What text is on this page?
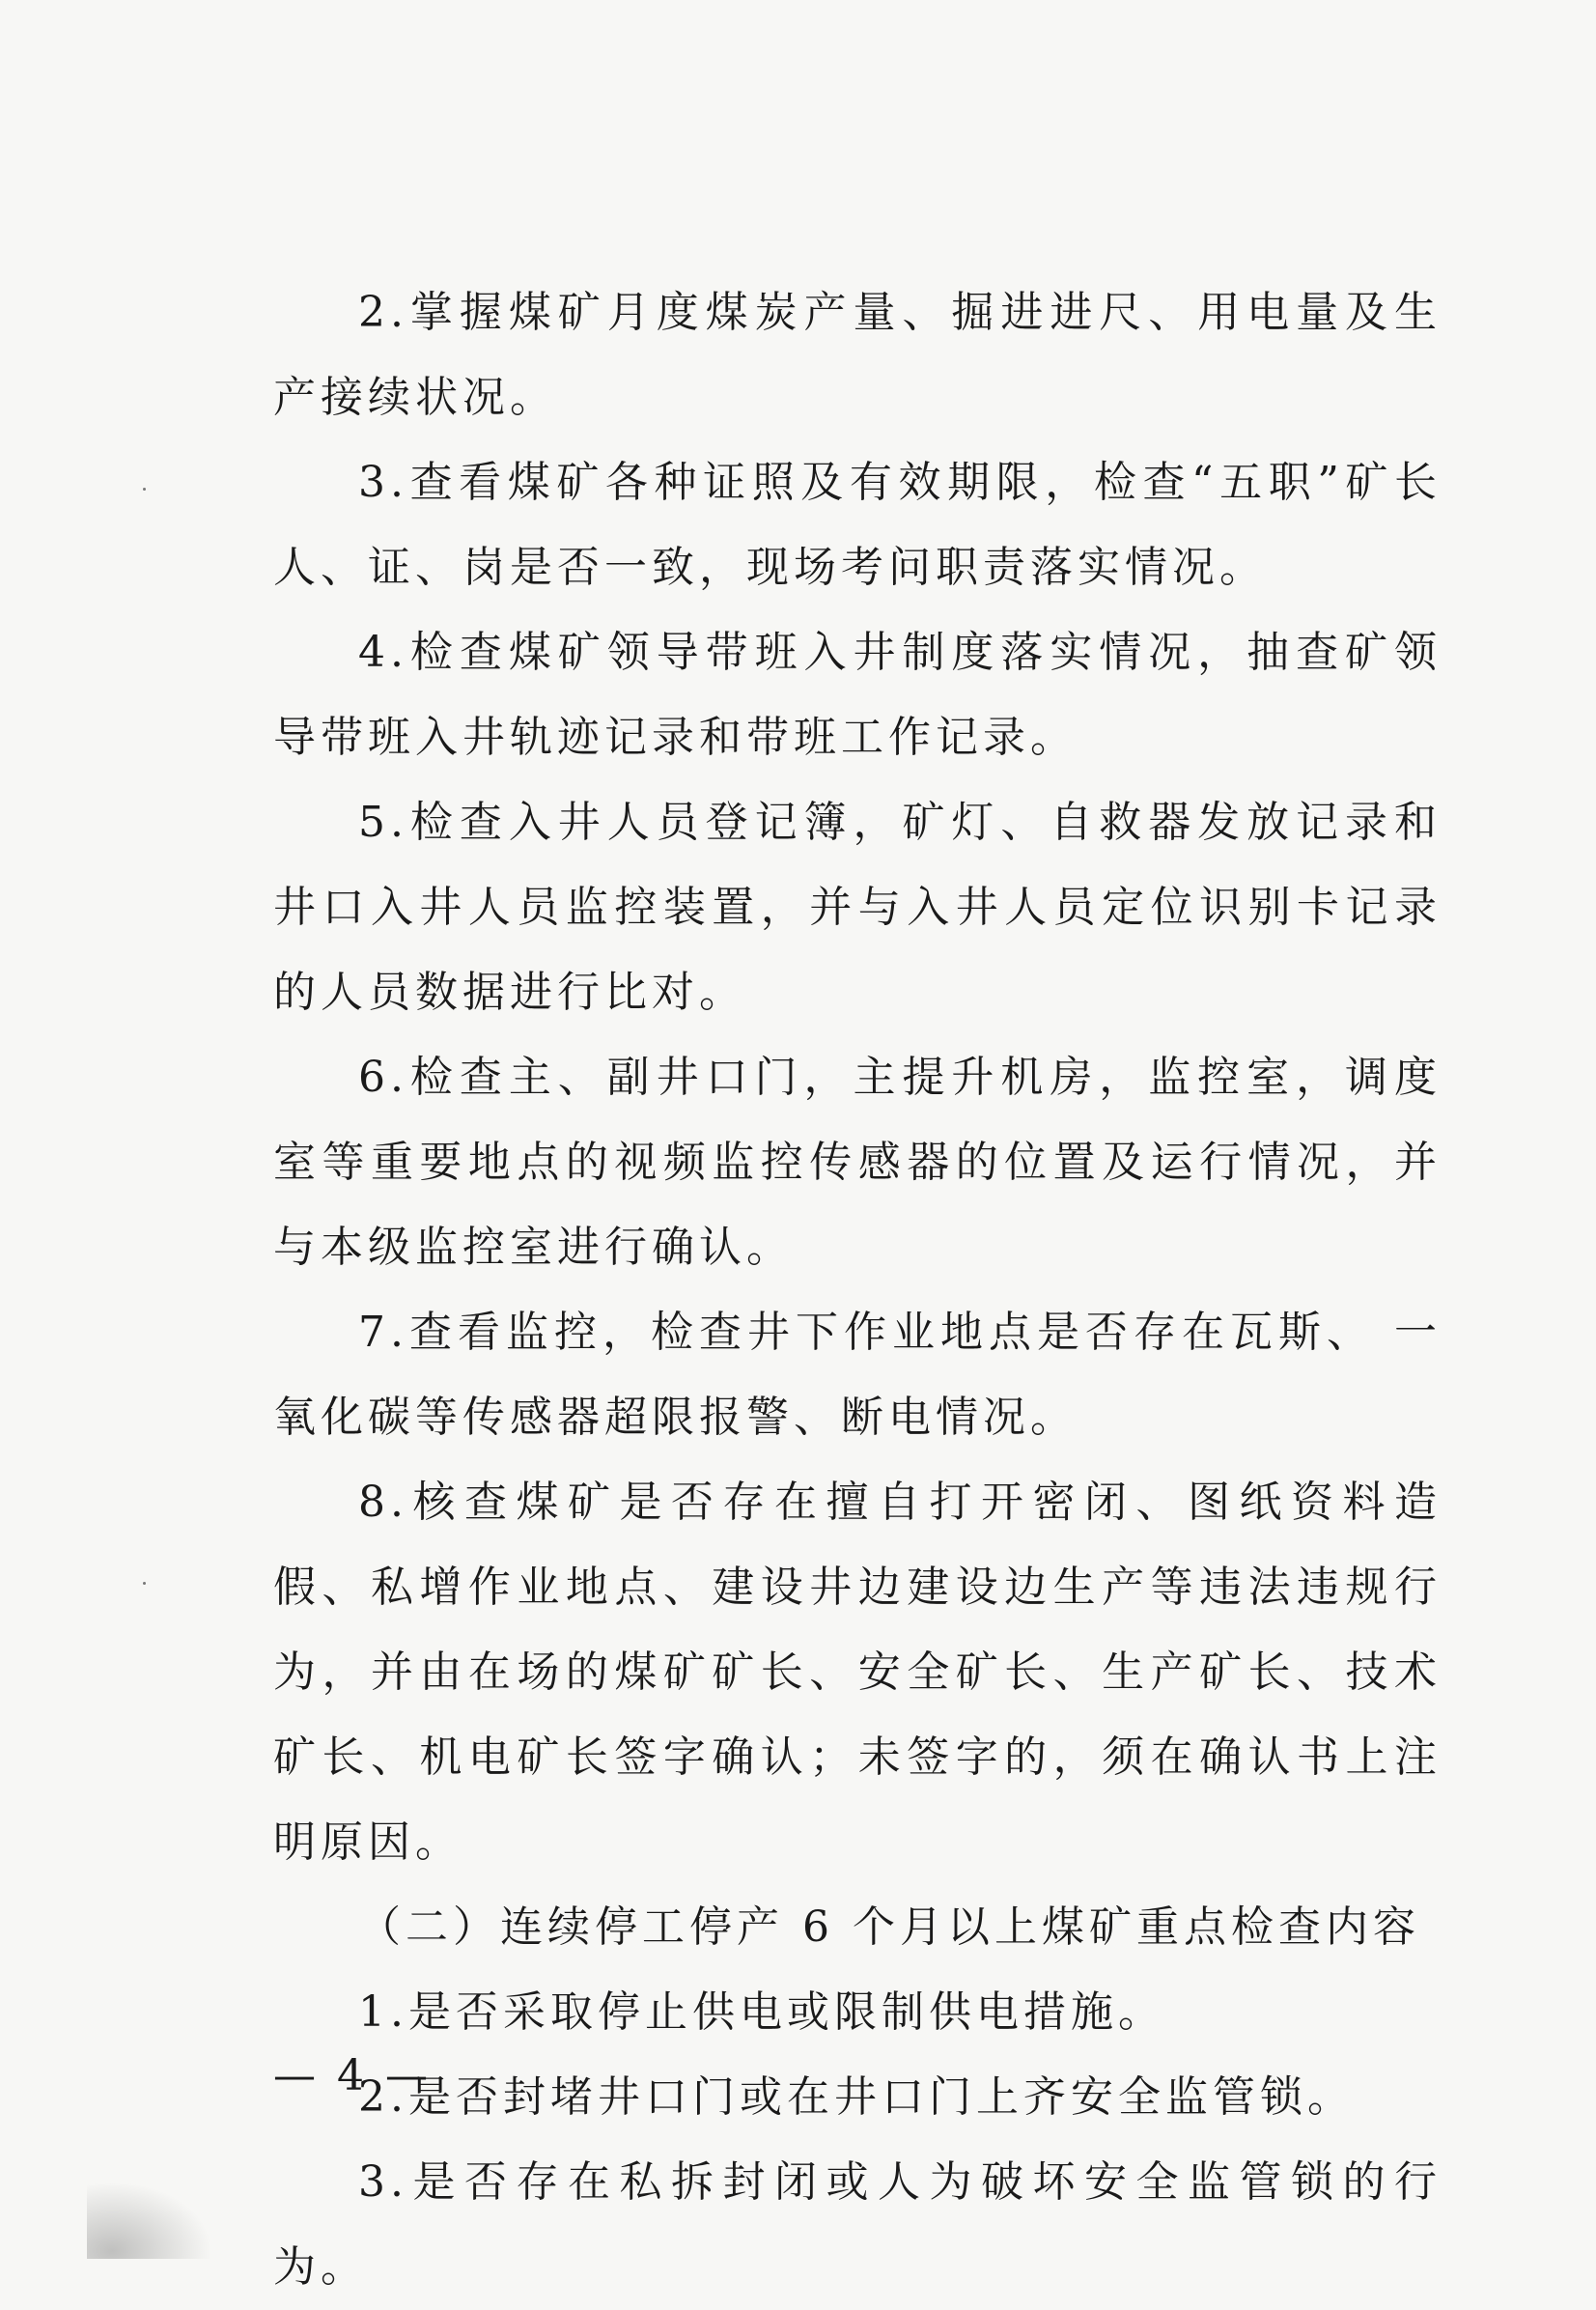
2.掌握煤矿月度煤炭产量、掘进进尺、用电量及生产接续状况。

3.查看煤矿各种证照及有效期限，检查“五职”矿长人、证、岗是否一致，现场考问职责落实情况。

4.检查煤矿领导带班入井制度落实情况，抽查矿领导带班入井轨迹记录和带班工作记录。

5.检查入井人员登记簿，矿灯、自救器发放记录和井口入井人员监控装置，并与入井人员定位识别卡记录的人员数据进行比对。

6.检查主、副井口门，主提升机房，监控室，调度室等重要地点的视频监控传感器的位置及运行情况，并与本级监控室进行确认。

7.查看监控，检查井下作业地点是否存在瓦斯、 一氧化碳等传感器超限报警、断电情况。

8.核查煤矿是否存在擅自打开密闭、图纸资料造假、私增作业地点、建设井边建设边生产等违法违规行为，并由在场的煤矿矿长、安全矿长、生产矿长、技术矿长、机电矿长签字确认；未签字的，须在确认书上注明原因。

（二）连续停工停产 6 个月以上煤矿重点检查内容

1.是否采取停止供电或限制供电措施。

2.是否封堵井口门或在井口门上齐安全监管锁。

3.是否存在私拆封闭或人为破坏安全监管锁的行为。

— 4 —
